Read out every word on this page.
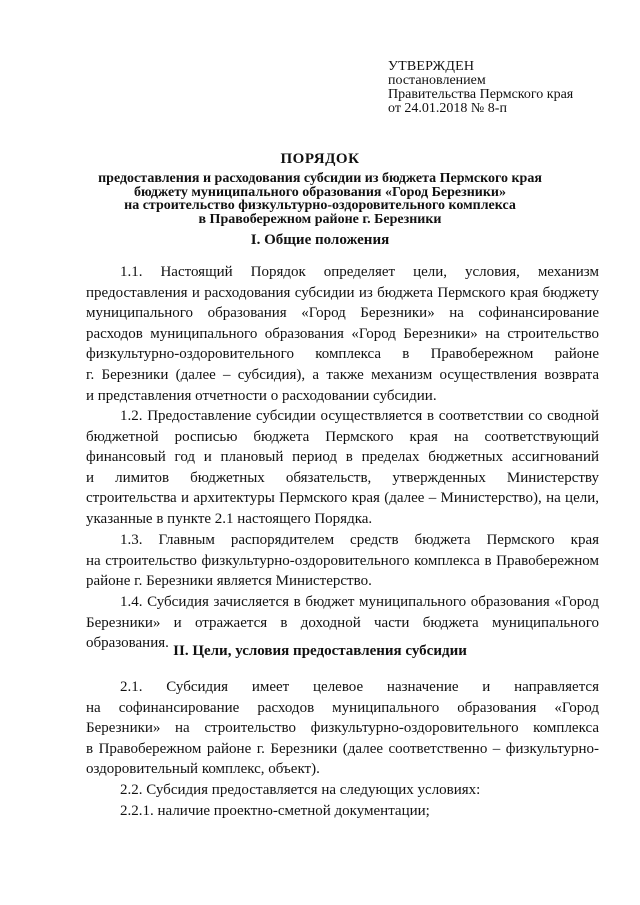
УТВЕРЖДЕН
постановлением
Правительства Пермского края
от 24.01.2018 № 8-п
ПОРЯДОК
предоставления и расходования субсидии из бюджета Пермского края
бюджету муниципального образования «Город Березники»
на строительство физкультурно-оздоровительного комплекса
в Правобережном районе г. Березники
I. Общие положения
1.1. Настоящий Порядок определяет цели, условия, механизм
предоставления и расходования субсидии из бюджета Пермского края бюджету
муниципального образования «Город Березники» на софинансирование
расходов муниципального образования «Город Березники» на строительство
физкультурно-оздоровительного комплекса в Правобережном районе
г. Березники (далее – субсидия), а также механизм осуществления возврата
и представления отчетности о расходовании субсидии.
1.2. Предоставление субсидии осуществляется в соответствии со сводной
бюджетной росписью бюджета Пермского края на соответствующий
финансовый год и плановый период в пределах бюджетных ассигнований
и лимитов бюджетных обязательств, утвержденных Министерству
строительства и архитектуры Пермского края (далее – Министерство), на цели,
указанные в пункте 2.1 настоящего Порядка.
1.3. Главным распорядителем средств бюджета Пермского края
на строительство физкультурно-оздоровительного комплекса в Правобережном
районе г. Березники является Министерство.
1.4. Субсидия зачисляется в бюджет муниципального образования «Город
Березники» и отражается в доходной части бюджета муниципального
образования. II. Цели, условия предоставления субсидии
2.1. Субсидия имеет целевое назначение и направляется
на софинансирование расходов муниципального образования «Город
Березники» на строительство физкультурно-оздоровительного комплекса
в Правобережном районе г. Березники (далее соответственно – физкультурно-
оздоровительный комплекс, объект).
2.2. Субсидия предоставляется на следующих условиях:
2.2.1. наличие проектно-сметной документации;
